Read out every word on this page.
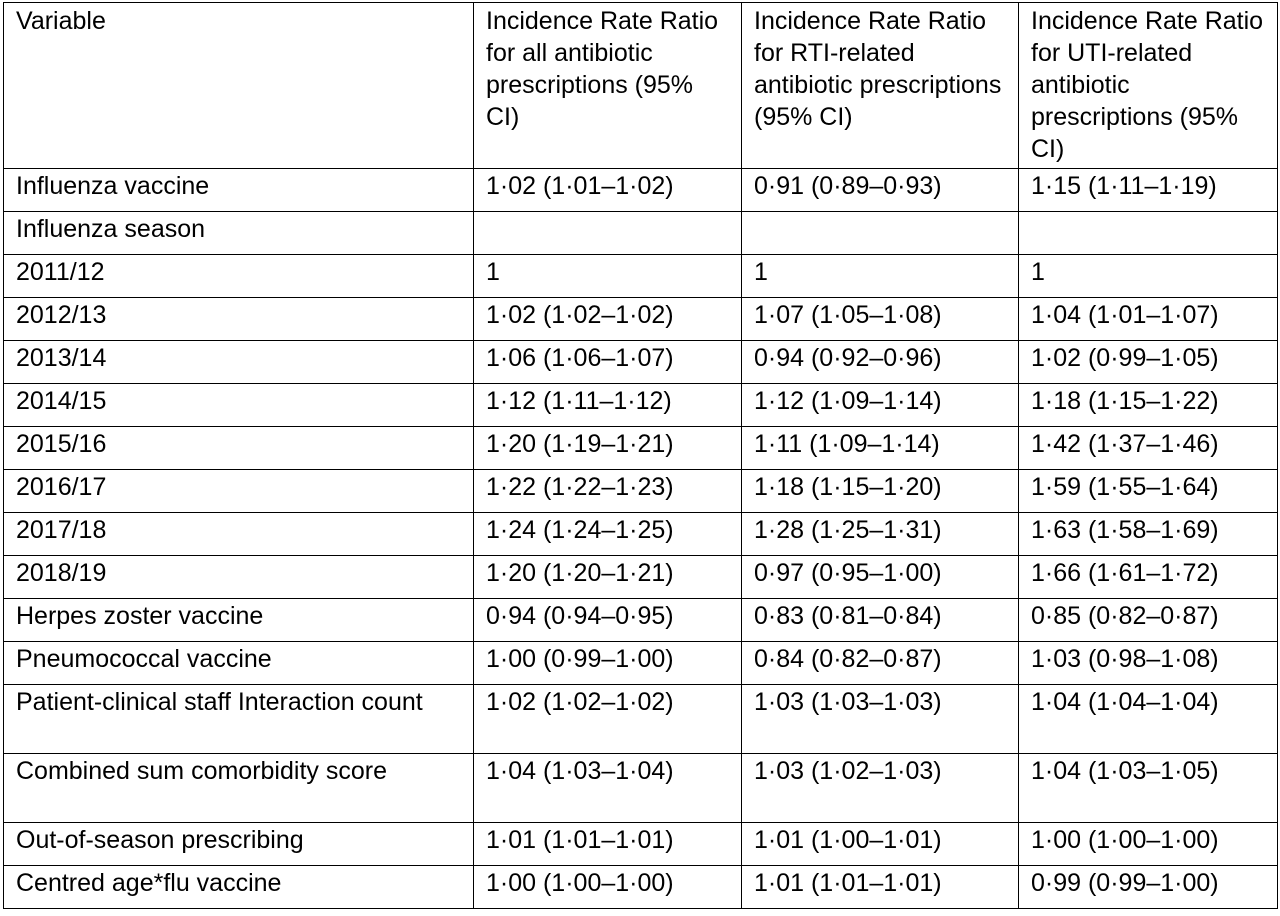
Variable	Incidence Rate Ratio for all antibiotic prescriptions (95% CI)	Incidence Rate Ratio for RTI-related antibiotic prescriptions (95% CI)	Incidence Rate Ratio for UTI-related antibiotic prescriptions (95% CI)
Influenza vaccine	1·02 (1·01–1·02)	0·91 (0·89–0·93)	1·15 (1·11–1·19)
Influenza season			
2011/12	1	1	1
2012/13	1·02 (1·02–1·02)	1·07 (1·05–1·08)	1·04 (1·01–1·07)
2013/14	1·06 (1·06–1·07)	0·94 (0·92–0·96)	1·02 (0·99–1·05)
2014/15	1·12 (1·11–1·12)	1·12 (1·09–1·14)	1·18 (1·15–1·22)
2015/16	1·20 (1·19–1·21)	1·11 (1·09–1·14)	1·42 (1·37–1·46)
2016/17	1·22 (1·22–1·23)	1·18 (1·15–1·20)	1·59 (1·55–1·64)
2017/18	1·24 (1·24–1·25)	1·28 (1·25–1·31)	1·63 (1·58–1·69)
2018/19	1·20 (1·20–1·21)	0·97 (0·95–1·00)	1·66 (1·61–1·72)
Herpes zoster vaccine	0·94 (0·94–0·95)	0·83 (0·81–0·84)	0·85 (0·82–0·87)
Pneumococcal vaccine	1·00 (0·99–1·00)	0·84 (0·82–0·87)	1·03 (0·98–1·08)
Patient-clinical staff Interaction count	1·02 (1·02–1·02)	1·03 (1·03–1·03)	1·04 (1·04–1·04)
Combined sum comorbidity score	1·04 (1·03–1·04)	1·03 (1·02–1·03)	1·04 (1·03–1·05)
Out-of-season prescribing	1·01 (1·01–1·01)	1·01 (1·00–1·01)	1·00 (1·00–1·00)
Centred age*flu vaccine	1·00 (1·00–1·00)	1·01 (1·01–1·01)	0·99 (0·99–1·00)
